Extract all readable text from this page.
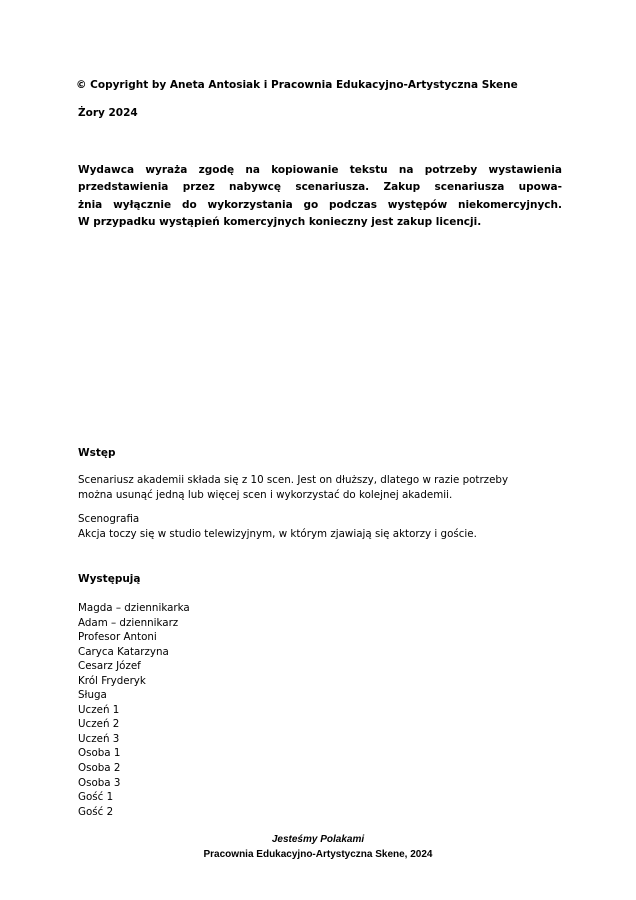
© Copyright by Aneta Antosiak i Pracownia Edukacyjno-Artystyczna Skene
Żory 2024
Wydawca wyraża zgodę na kopiowanie tekstu na potrzeby wystawienia
przedstawienia przez nabywcę scenariusza. Zakup scenariusza upowa-
żnia wyłącznie do wykorzystania go podczas występów niekomercyjnych.
W przypadku wystąpień komercyjnych konieczny jest zakup licencji.
Wstęp
Scenariusz akademii składa się z 10 scen. Jest on dłuższy, dlatego w razie potrzeby
można usunąć jedną lub więcej scen i wykorzystać do kolejnej akademii.
Scenografia
Akcja toczy się w studio telewizyjnym, w którym zjawiają się aktorzy i goście.
Występują
Magda – dziennikarka
Adam – dziennikarz
Profesor Antoni
Caryca Katarzyna
Cesarz Józef
Król Fryderyk
Sługa
Uczeń 1
Uczeń 2
Uczeń 3
Osoba 1
Osoba 2
Osoba 3
Gość 1
Gość 2
Jesteśmy Polakami
Pracownia Edukacyjno-Artystyczna Skene, 2024
